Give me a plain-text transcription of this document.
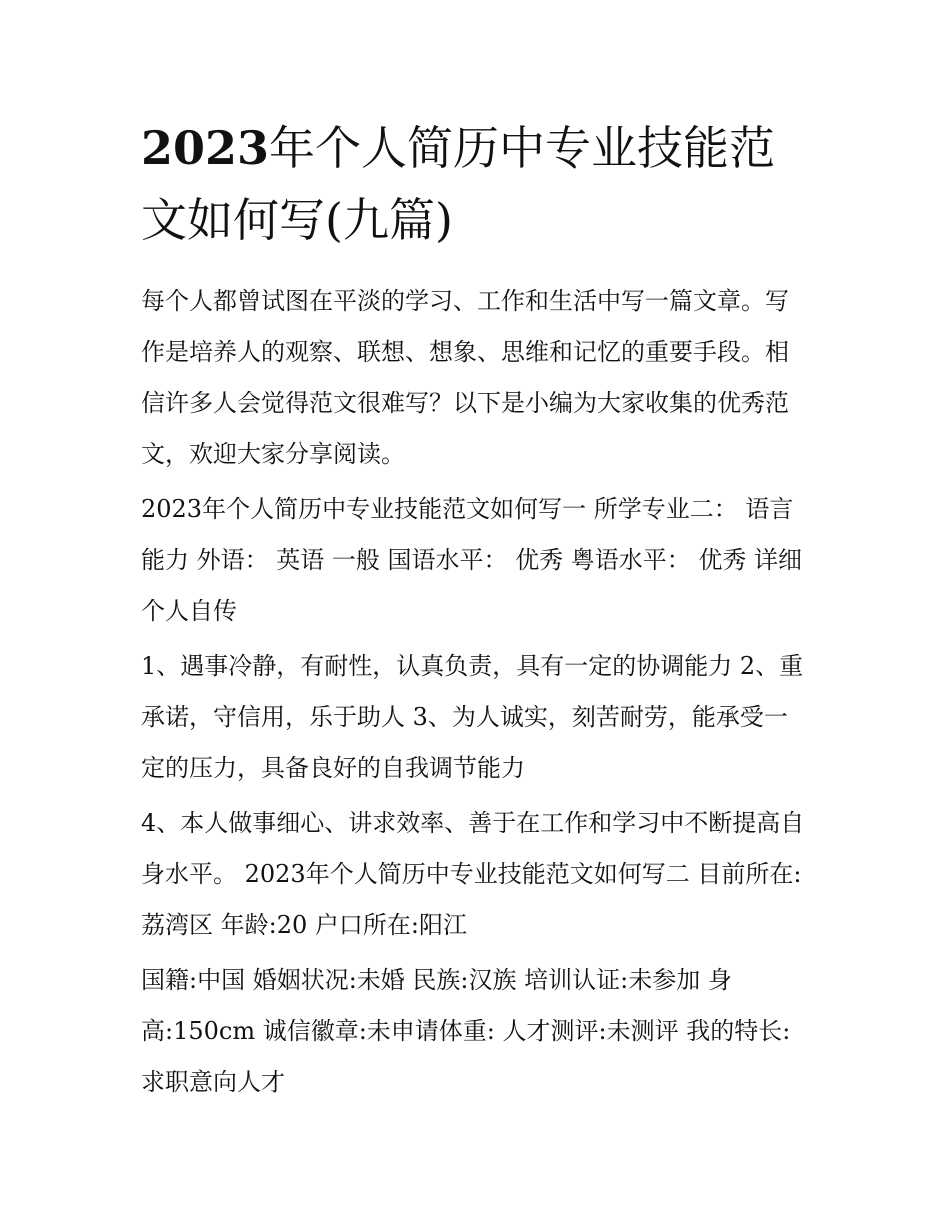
2023年个人简历中专业技能范文如何写(九篇)

每个人都曾试图在平淡的学习、工作和生活中写一篇文章。写作是培养人的观察、联想、想象、思维和记忆的重要手段。相信许多人会觉得范文很难写？以下是小编为大家收集的优秀范文，欢迎大家分享阅读。

2023年个人简历中专业技能范文如何写一 所学专业二： 语言能力 外语： 英语 一般 国语水平： 优秀 粤语水平： 优秀 详细个人自传

1、遇事冷静，有耐性，认真负责，具有一定的协调能力 2、重承诺，守信用，乐于助人 3、为人诚实，刻苦耐劳，能承受一定的压力，具备良好的自我调节能力

4、本人做事细心、讲求效率、善于在工作和学习中不断提高自身水平。 2023年个人简历中专业技能范文如何写二 目前所在:荔湾区 年龄:20 户口所在:阳江

国籍:中国 婚姻状况:未婚 民族:汉族 培训认证:未参加 身高:150cm 诚信徽章:未申请体重: 人才测评:未测评 我的特长: 求职意向人才
